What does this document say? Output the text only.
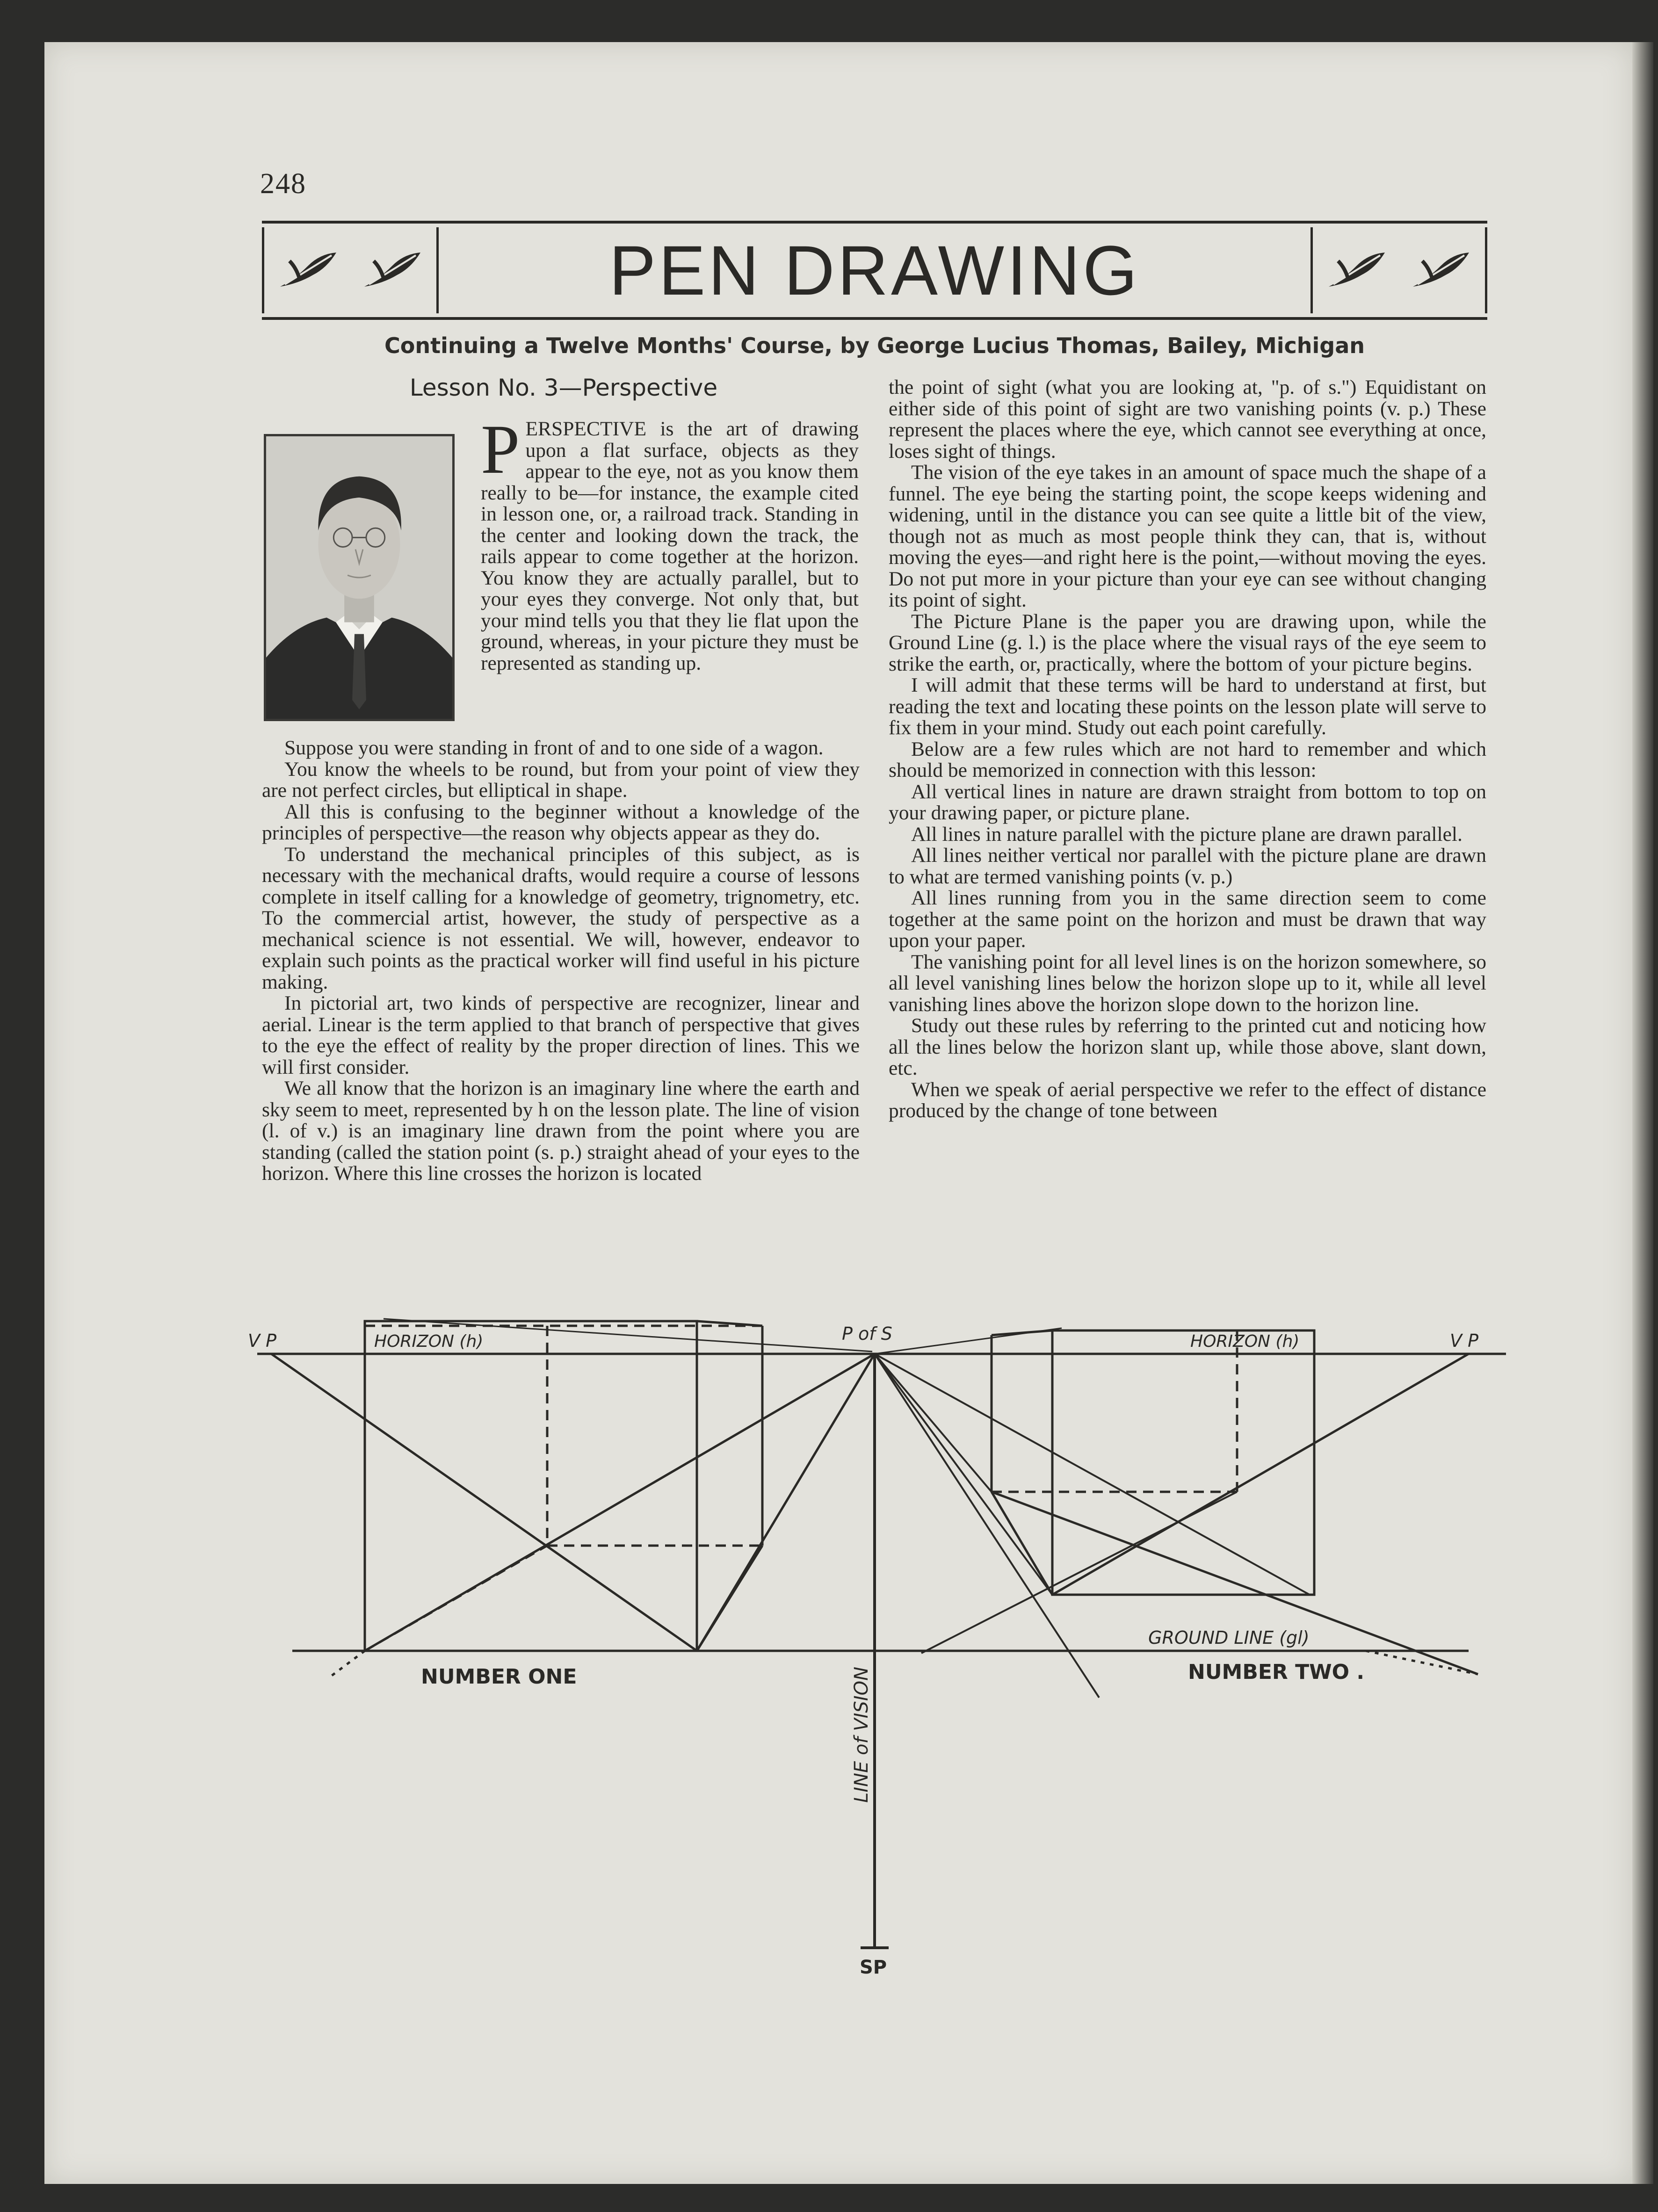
248
PEN DRAWING
Continuing a Twelve Months' Course, by George Lucius Thomas, Bailey, Michigan
Lesson No. 3—Perspective

PERSPECTIVE is the art of drawing upon a flat surface, objects as they appear to the eye, not as you know them really to be—for instance, the example cited in lesson one, or, a railroad track. Standing in the center and looking down the track, the rails appear to come together at the horizon. You know they are actually parallel, but to your eyes they converge. Not only that, but your mind tells you that they lie flat upon the ground, whereas, in your picture they must be represented as standing up.

Suppose you were standing in front of and to one side of a wagon.

You know the wheels to be round, but from your point of view they are not perfect circles, but elliptical in shape.

All this is confusing to the beginner without a knowledge of the principles of perspective—the reason why objects appear as they do.

To understand the mechanical principles of this subject, as is necessary with the mechanical drafts, would require a course of lessons complete in itself calling for a knowledge of geometry, trignometry, etc. To the commercial artist, however, the study of perspective as a mechanical science is not essential. We will, however, endeavor to explain such points as the practical worker will find useful in his picture making.

In pictorial art, two kinds of perspective are recognizer, linear and aerial. Linear is the term applied to that branch of perspective that gives to the eye the effect of reality by the proper direction of lines. This we will first consider.

We all know that the horizon is an imaginary line where the earth and sky seem to meet, represented by h on the lesson plate. The line of vision (l. of v.) is an imaginary line drawn from the point where you are standing (called the station point (s. p.) straight ahead of your eyes to the horizon. Where this line crosses the horizon is located

the point of sight (what you are looking at, "p. of s.") Equidistant on either side of this point of sight are two vanishing points (v. p.) These represent the places where the eye, which cannot see everything at once, loses sight of things.

The vision of the eye takes in an amount of space much the shape of a funnel. The eye being the starting point, the scope keeps widening and widening, until in the distance you can see quite a little bit of the view, though not as much as most people think they can, that is, without moving the eyes—and right here is the point,—without moving the eyes. Do not put more in your picture than your eye can see without changing its point of sight.

The Picture Plane is the paper you are drawing upon, while the Ground Line (g. l.) is the place where the visual rays of the eye seem to strike the earth, or, practically, where the bottom of your picture begins.

I will admit that these terms will be hard to understand at first, but reading the text and locating these points on the lesson plate will serve to fix them in your mind. Study out each point carefully.

Below are a few rules which are not hard to remember and which should be memorized in connection with this lesson:

All vertical lines in nature are drawn straight from bottom to top on your drawing paper, or picture plane.

All lines in nature parallel with the picture plane are drawn parallel.

All lines neither vertical nor parallel with the picture plane are drawn to what are termed vanishing points (v. p.)

All lines running from you in the same direction seem to come together at the same point on the horizon and must be drawn that way upon your paper.

The vanishing point for all level lines is on the horizon somewhere, so all level vanishing lines below the horizon slope up to it, while all level vanishing lines above the horizon slope down to the horizon line.

Study out these rules by referring to the printed cut and noticing how all the lines below the horizon slant up, while those above, slant down, etc.

When we speak of aerial perspective we refer to the effect of distance produced by the change of tone between

V P	V P
HORIZON (h)	HORIZON (h)
P of S
GROUND LINE (gl)
NUMBER ONE	NUMBER TWO .
LINE of VISION
SP
